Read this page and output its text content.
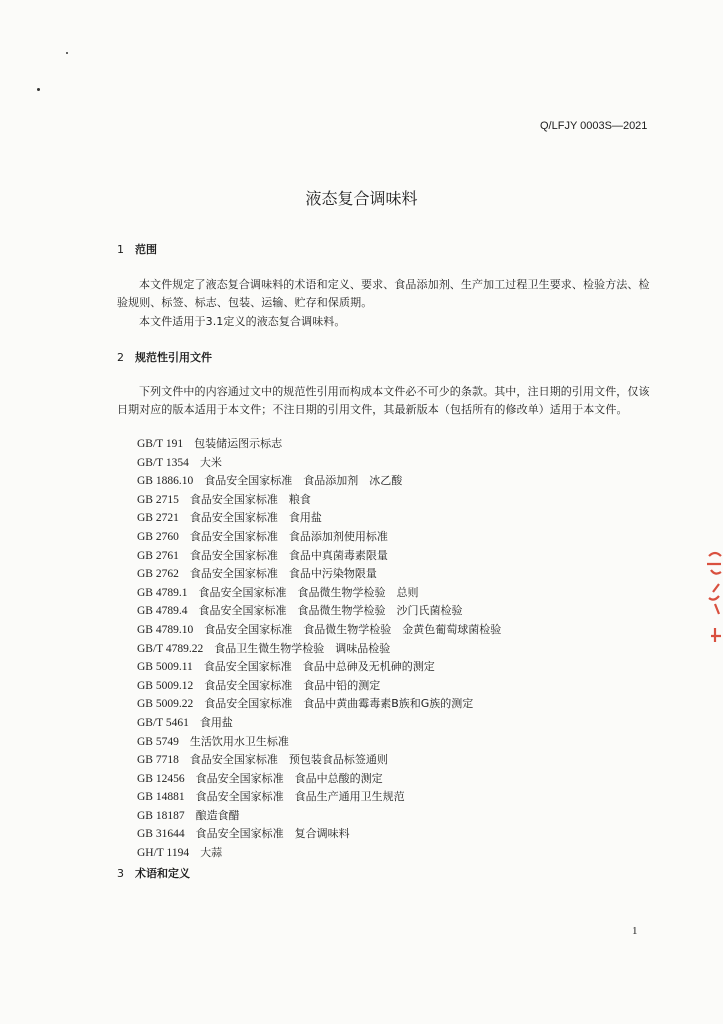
Q/LFJY 0003S—2021
液态复合调味料
1 范围
本文件规定了液态复合调味料的术语和定义、要求、食品添加剂、生产加工过程卫生要求、检验方法、检验规则、标签、标志、包装、运输、贮存和保质期。
本文件适用于3.1定义的液态复合调味料。
2 规范性引用文件
下列文件中的内容通过文中的规范性引用而构成本文件必不可少的条款。其中，注日期的引用文件，仅该日期对应的版本适用于本文件；不注日期的引用文件，其最新版本（包括所有的修改单）适用于本文件。
GB/T 191　 包装储运图示标志
GB/T 1354　 大米
GB 1886.10　 食品安全国家标准　食品添加剂　冰乙酸
GB 2715　 食品安全国家标准　粮食
GB 2721　 食品安全国家标准　食用盐
GB 2760　 食品安全国家标准　食品添加剂使用标准
GB 2761　 食品安全国家标准　食品中真菌毒素限量
GB 2762　 食品安全国家标准　食品中污染物限量
GB 4789.1　 食品安全国家标准　食品微生物学检验　总则
GB 4789.4　 食品安全国家标准　食品微生物学检验　沙门氏菌检验
GB 4789.10　 食品安全国家标准　食品微生物学检验　金黄色葡萄球菌检验
GB/T 4789.22　 食品卫生微生物学检验　调味品检验
GB 5009.11　 食品安全国家标准　食品中总砷及无机砷的测定
GB 5009.12　 食品安全国家标准　食品中铅的测定
GB 5009.22　 食品安全国家标准　食品中黄曲霉毒素B族和G族的测定
GB/T 5461　 食用盐
GB 5749　 生活饮用水卫生标准
GB 7718　 食品安全国家标准　预包装食品标签通则
GB 12456　 食品安全国家标准　食品中总酸的测定
GB 14881　 食品安全国家标准　食品生产通用卫生规范
GB 18187　 酿造食醋
GB 31644　 食品安全国家标准　复合调味料
GH/T 1194　 大蒜
3 术语和定义
1
